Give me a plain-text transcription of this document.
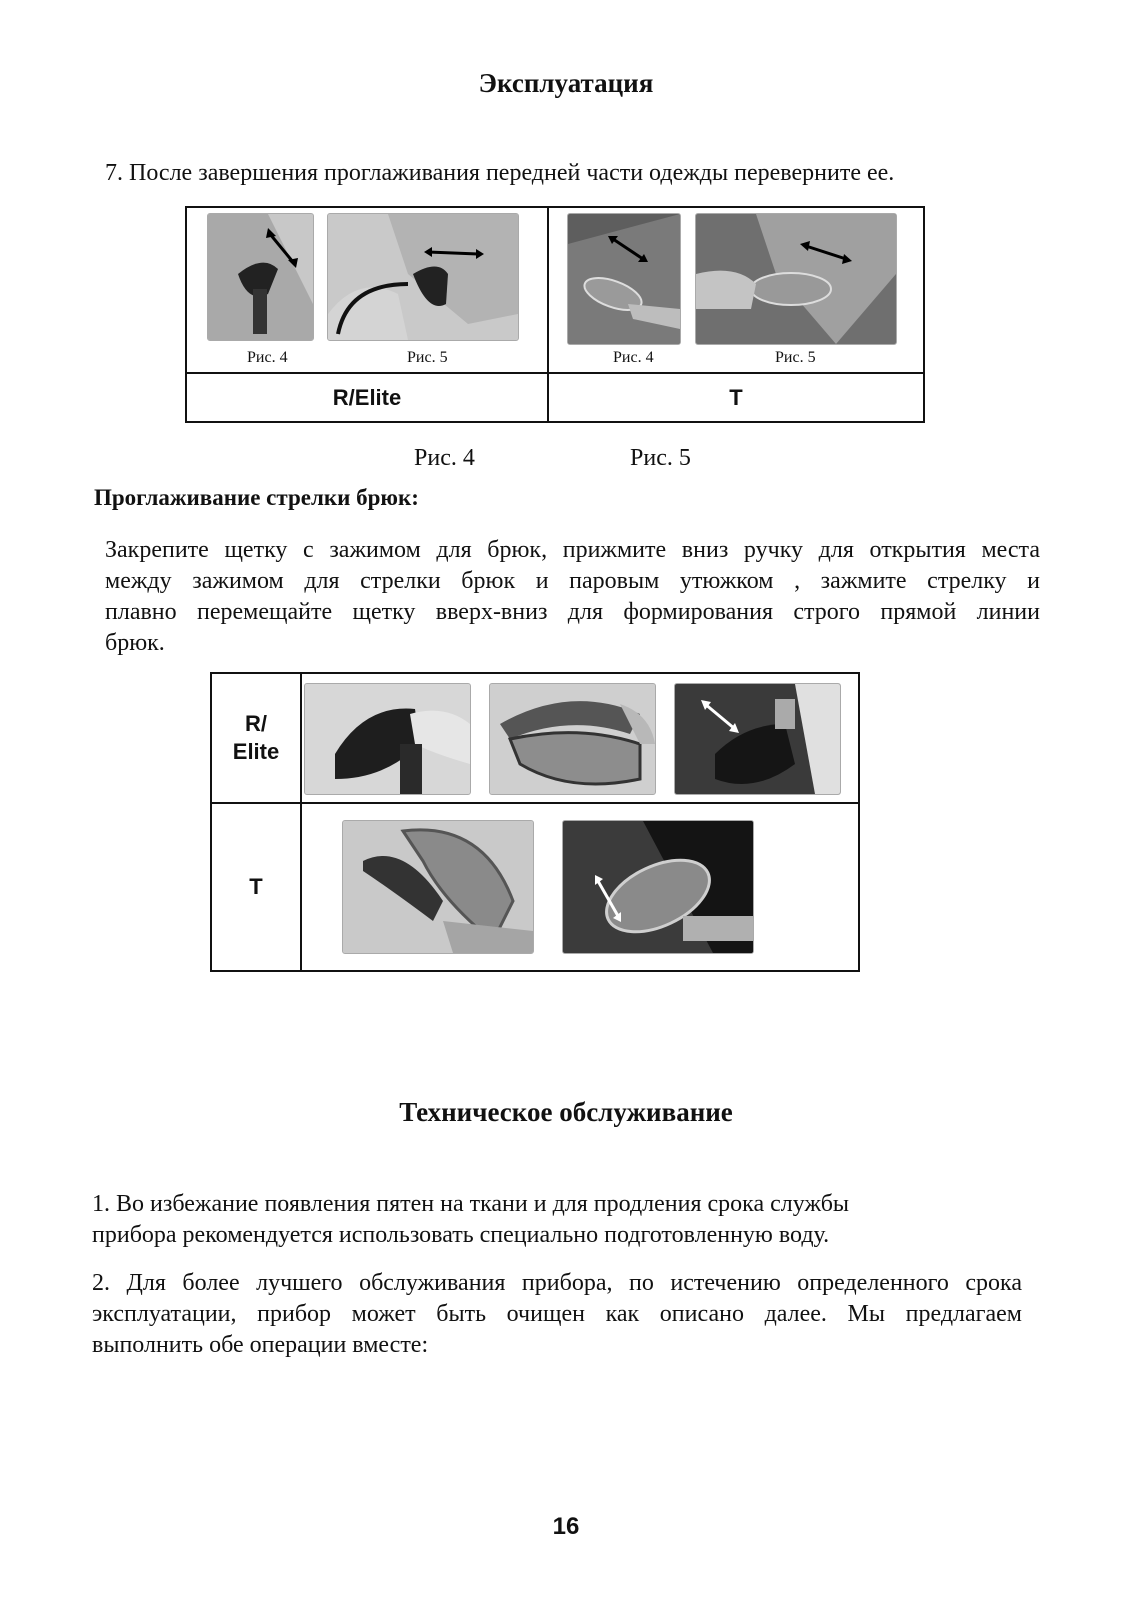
Эксплуатация
7. После завершения проглаживания передней части одежды переверните ее.
Рис. 4 Рис. 5	Рис. 4 Рис. 5

R/Elite	T
Рис. 4	Рис. 5
Проглаживание стрелки брюк:
Закрепите щетку с зажимом для брюк, прижмите вниз ручку для открытия места
между зажимом для стрелки брюк и паровым утюжком , зажмите стрелку и
плавно перемещайте щетку вверх-вниз для формирования строго прямой линии
брюк.
R/
Elite

T

Техническое обслуживание
1. Во избежание появления пятен на ткани и для продления срока службы
прибора рекомендуется использовать специально подготовленную воду.
2. Для более лучшего обслуживания прибора, по истечению определенного срока
эксплуатации, прибор может быть очищен как описано далее. Мы предлагаем
выполнить обе операции вместе:
16
